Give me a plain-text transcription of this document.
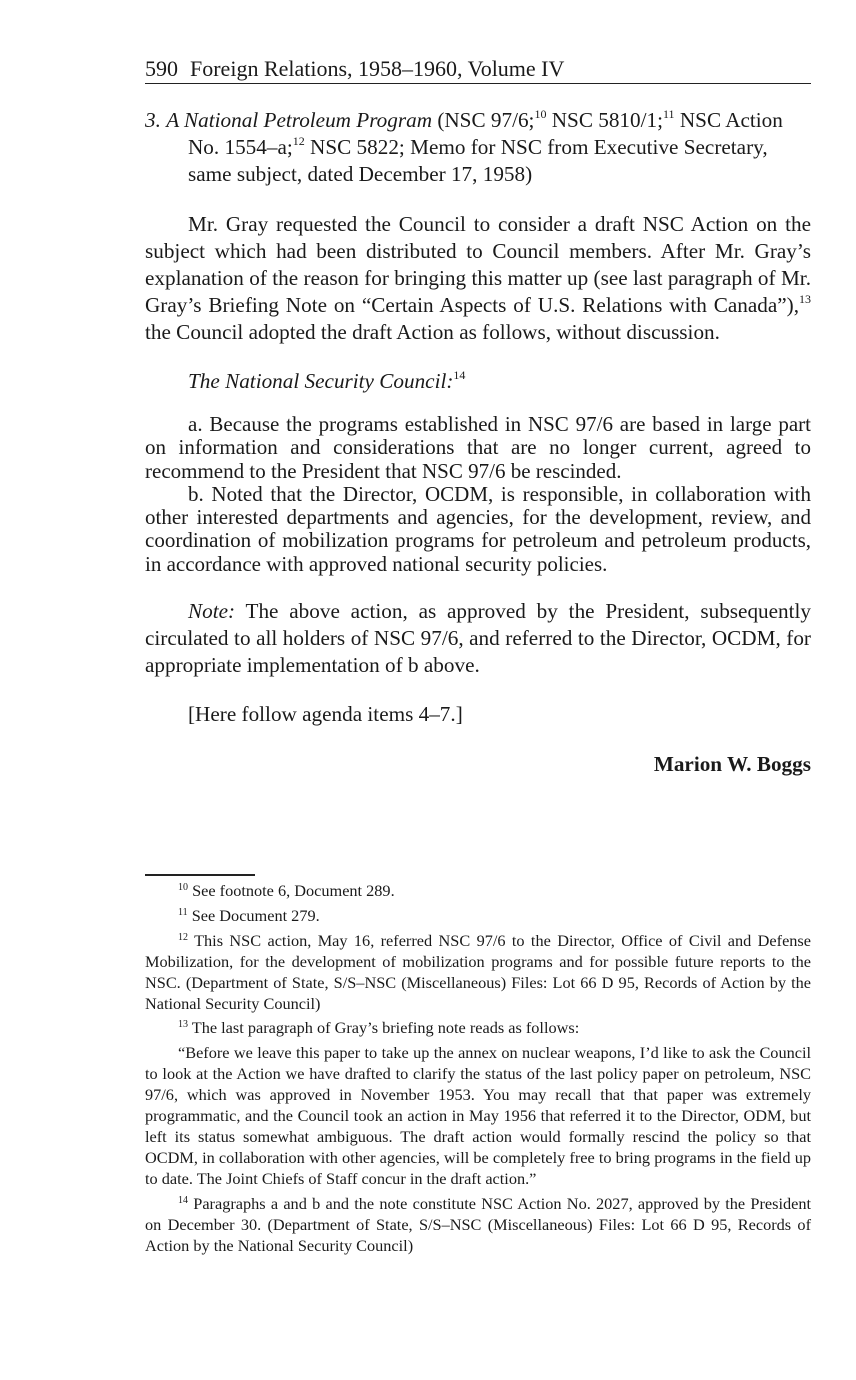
590 Foreign Relations, 1958–1960, Volume IV

3. A National Petroleum Program (NSC 97/6;$^{10}$ NSC 5810/1;$^{11}$ NSC Action No. 1554–a;$^{12}$ NSC 5822; Memo for NSC from Executive Secretary, same subject, dated December 17, 1958)

Mr. Gray requested the Council to consider a draft NSC Action on the subject which had been distributed to Council members. After Mr. Gray’s explanation of the reason for bringing this matter up (see last paragraph of Mr. Gray’s Briefing Note on “Certain Aspects of U.S. Relations with Canada”),$^{13}$ the Council adopted the draft Action as follows, without discussion.

The National Security Council:$^{14}$

a. Because the programs established in NSC 97/6 are based in large part on information and considerations that are no longer current, agreed to recommend to the President that NSC 97/6 be rescinded.

b. Noted that the Director, OCDM, is responsible, in collaboration with other interested departments and agencies, for the development, review, and coordination of mobilization programs for petroleum and petroleum products, in accordance with approved national security policies.

Note: The above action, as approved by the President, subsequently circulated to all holders of NSC 97/6, and referred to the Director, OCDM, for appropriate implementation of b above.

[Here follow agenda items 4–7.]

Marion W. Boggs

$^{10}$ See footnote 6, Document 289.

$^{11}$ See Document 279.

$^{12}$ This NSC action, May 16, referred NSC 97/6 to the Director, Office of Civil and Defense Mobilization, for the development of mobilization programs and for possible future reports to the NSC. (Department of State, S/S–NSC (Miscellaneous) Files: Lot 66 D 95, Records of Action by the National Security Council)

$^{13}$ The last paragraph of Gray’s briefing note reads as follows:

“Before we leave this paper to take up the annex on nuclear weapons, I’d like to ask the Council to look at the Action we have drafted to clarify the status of the last policy paper on petroleum, NSC 97/6, which was approved in November 1953. You may recall that that paper was extremely programmatic, and the Council took an action in May 1956 that referred it to the Director, ODM, but left its status somewhat ambiguous. The draft action would formally rescind the policy so that OCDM, in collaboration with other agencies, will be completely free to bring programs in the field up to date. The Joint Chiefs of Staff concur in the draft action.”

$^{14}$ Paragraphs a and b and the note constitute NSC Action No. 2027, approved by the President on December 30. (Department of State, S/S–NSC (Miscellaneous) Files: Lot 66 D 95, Records of Action by the National Security Council)
